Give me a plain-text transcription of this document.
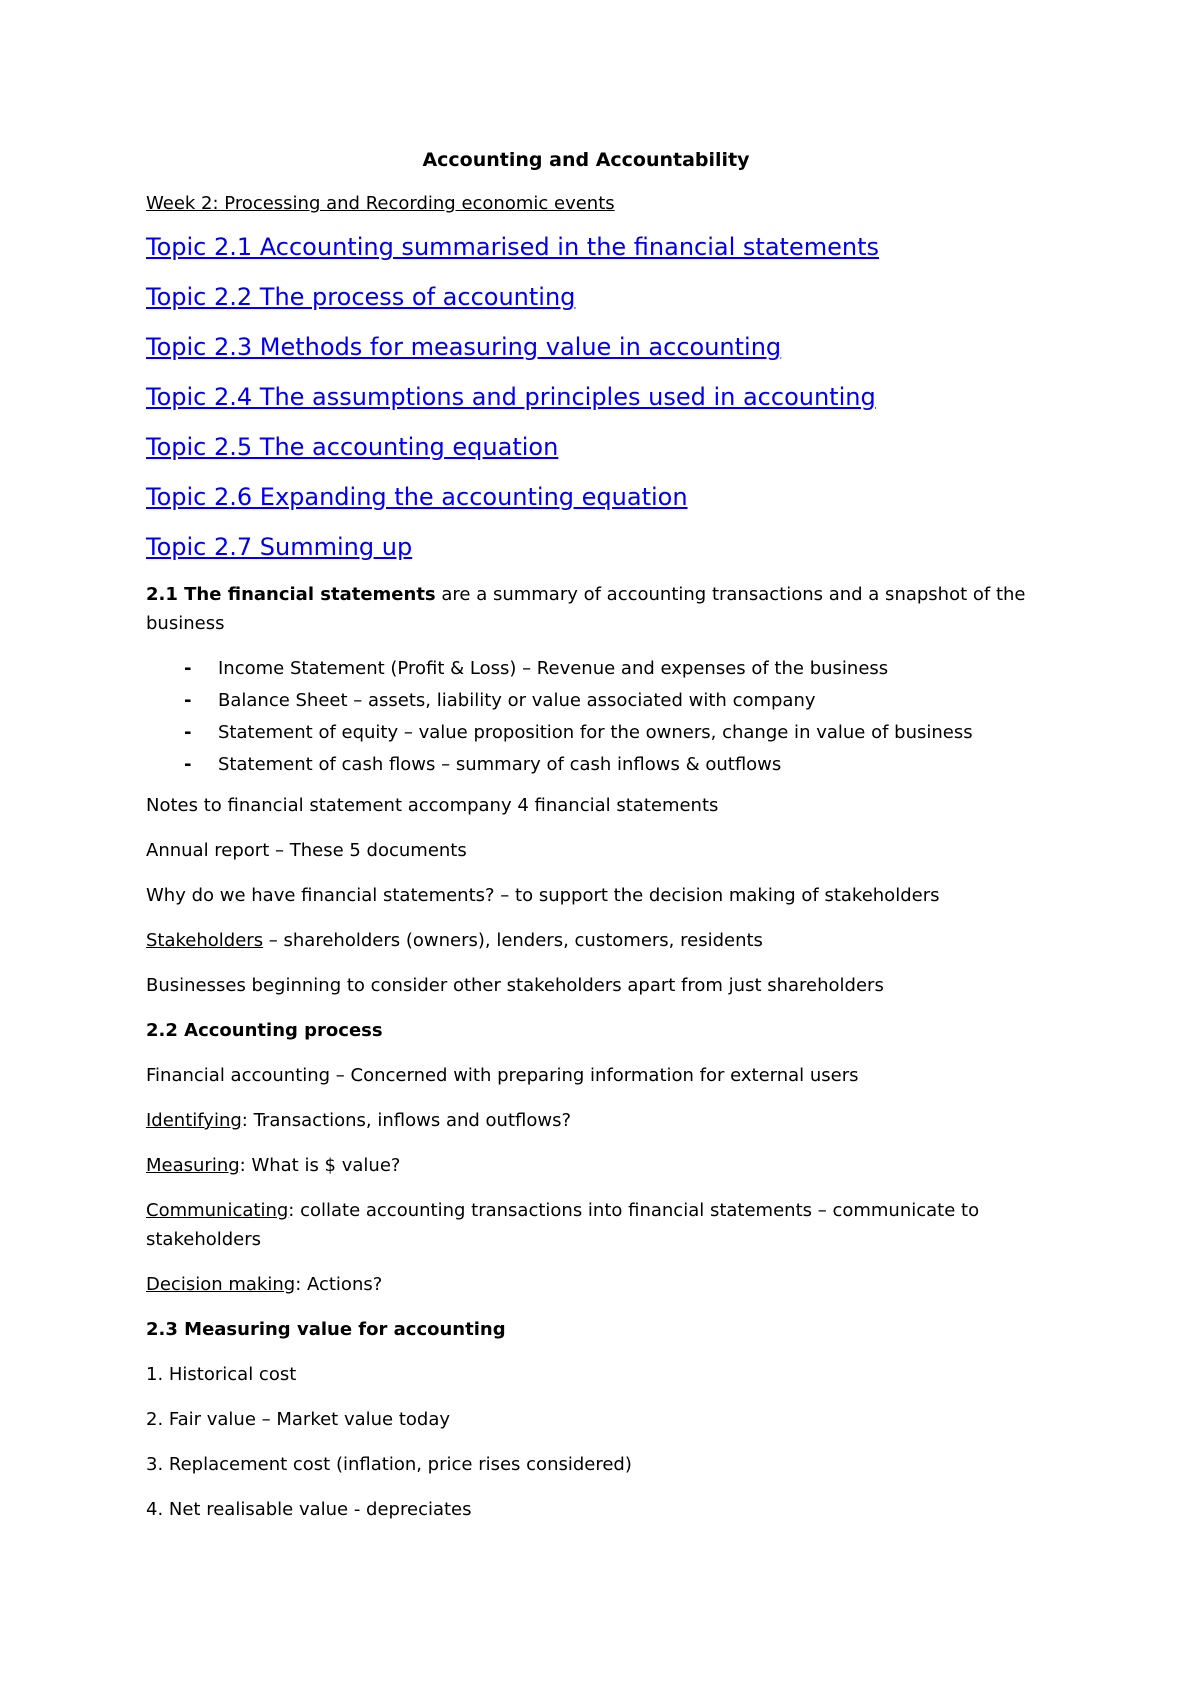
Accounting and Accountability
Week 2: Processing and Recording economic events
Topic 2.1 Accounting summarised in the financial statements
Topic 2.2 The process of accounting
Topic 2.3 Methods for measuring value in accounting
Topic 2.4 The assumptions and principles used in accounting
Topic 2.5 The accounting equation
Topic 2.6 Expanding the accounting equation
Topic 2.7 Summing up

2.1 The financial statements are a summary of accounting transactions and a snapshot of the business

- Income Statement (Profit & Loss) – Revenue and expenses of the business
- Balance Sheet – assets, liability or value associated with company
- Statement of equity – value proposition for the owners, change in value of business
- Statement of cash flows – summary of cash inflows & outflows

Notes to financial statement accompany 4 financial statements

Annual report – These 5 documents

Why do we have financial statements? – to support the decision making of stakeholders

Stakeholders – shareholders (owners), lenders, customers, residents

Businesses beginning to consider other stakeholders apart from just shareholders

2.2 Accounting process

Financial accounting – Concerned with preparing information for external users

Identifying: Transactions, inflows and outflows?

Measuring: What is $ value?

Communicating: collate accounting transactions into financial statements – communicate to stakeholders

Decision making: Actions?

2.3 Measuring value for accounting

1. Historical cost

2. Fair value – Market value today

3. Replacement cost (inflation, price rises considered)

4. Net realisable value - depreciates
